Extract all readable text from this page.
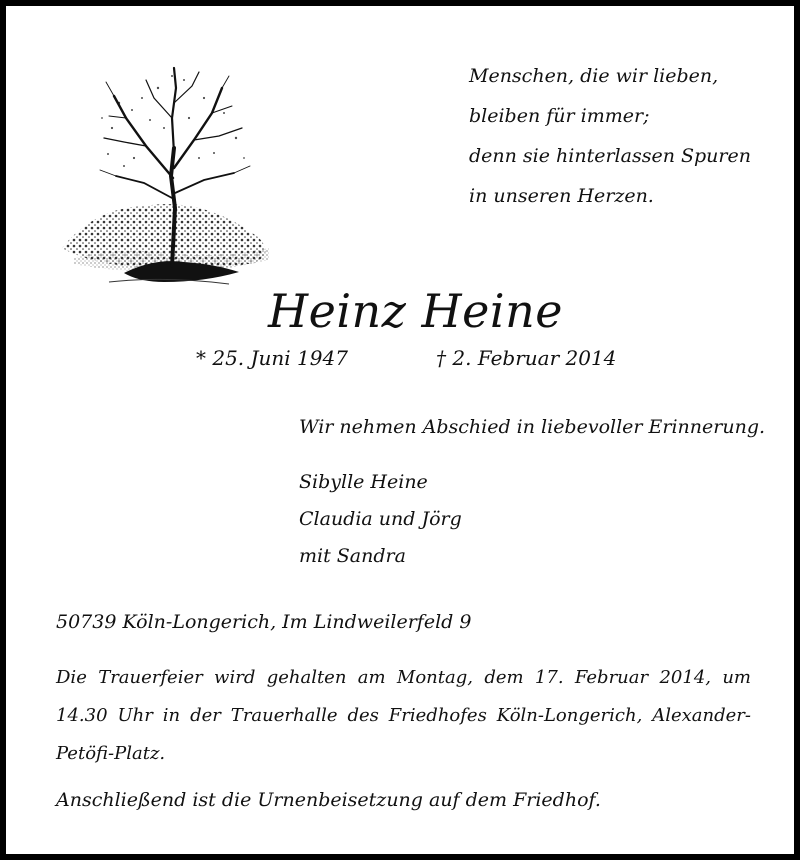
Menschen, die wir lieben,
bleiben für immer;
denn sie hinterlassen Spuren
in unseren Herzen.
Heinz Heine
* 25. Juni 1947	† 2. Februar 2014
Wir nehmen Abschied in liebevoller Erinnerung.
Sibylle Heine
Claudia und Jörg
mit Sandra
50739 Köln-Longerich, Im Lindweilerfeld 9

Die Trauerfeier wird gehalten am Montag, dem 17. Februar 2014, um 14.30 Uhr in der Trauerhalle des Friedhofes Köln-Longerich, Alexander-Petöfi-Platz.

Anschließend ist die Urnenbeisetzung auf dem Friedhof.
